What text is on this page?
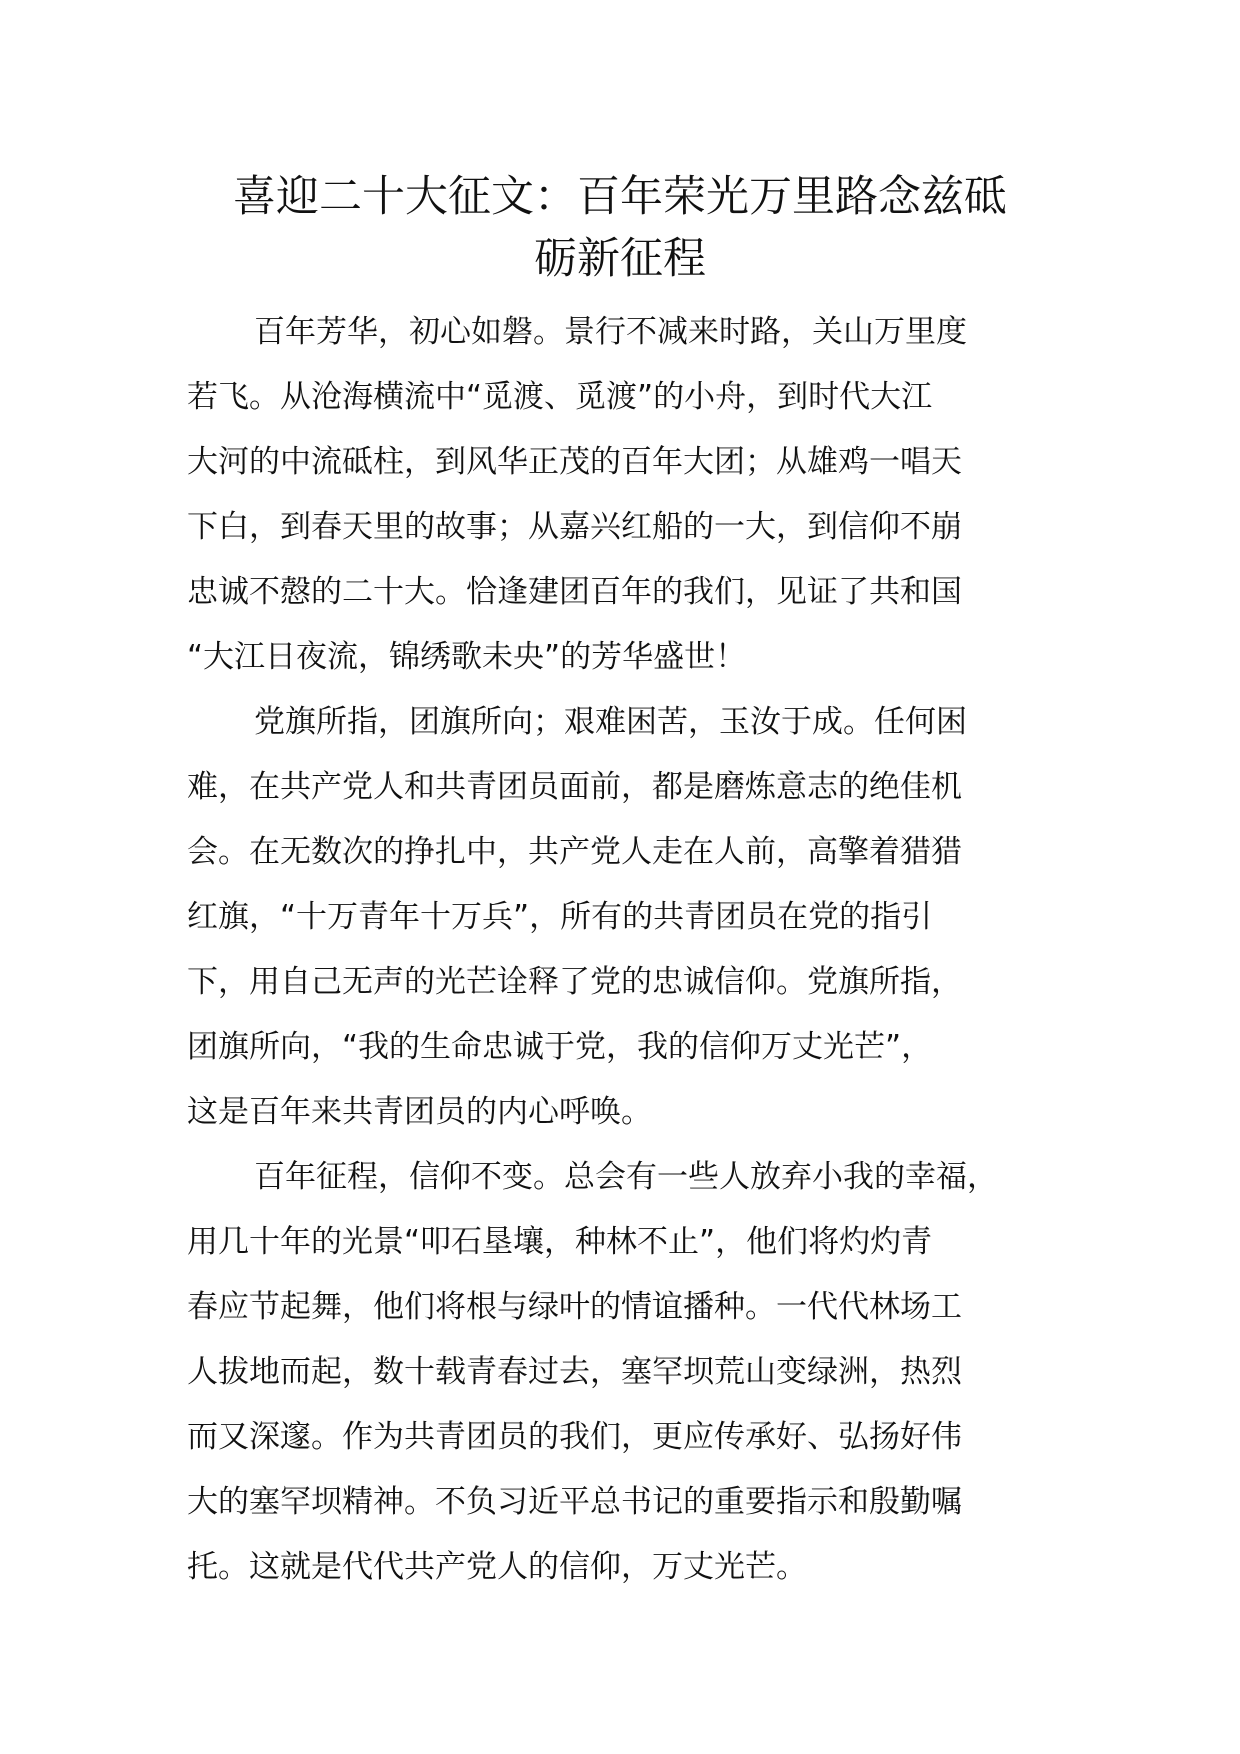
喜迎二十大征文：百年荣光万里路念兹砥
砺新征程
百年芳华，初心如磐。景行不减来时路，关山万里度
若飞。从沧海横流中“觅渡、觅渡”的小舟，到时代大江
大河的中流砥柱，到风华正茂的百年大团；从雄鸡一唱天
下白，到春天里的故事；从嘉兴红船的一大，到信仰不崩
忠诚不慤的二十大。恰逢建团百年的我们，见证了共和国
“大江日夜流，锦绣歌未央”的芳华盛世！
党旗所指，团旗所向；艰难困苦，玉汝于成。任何困
难，在共产党人和共青团员面前，都是磨炼意志的绝佳机
会。在无数次的挣扎中，共产党人走在人前，高擎着猎猎
红旗，“十万青年十万兵”，所有的共青团员在党的指引
下，用自己无声的光芒诠释了党的忠诚信仰。党旗所指，
团旗所向，“我的生命忠诚于党，我的信仰万丈光芒”，
这是百年来共青团员的内心呼唤。
百年征程，信仰不变。总会有一些人放弃小我的幸福，
用几十年的光景“叩石垦壤，种林不止”，他们将灼灼青
春应节起舞，他们将根与绿叶的情谊播种。一代代林场工
人拔地而起，数十载青春过去，塞罕坝荒山变绿洲，热烈
而又深邃。作为共青团员的我们，更应传承好、弘扬好伟
大的塞罕坝精神。不负习近平总书记的重要指示和殷勤嘱
托。这就是代代共产党人的信仰，万丈光芒。
